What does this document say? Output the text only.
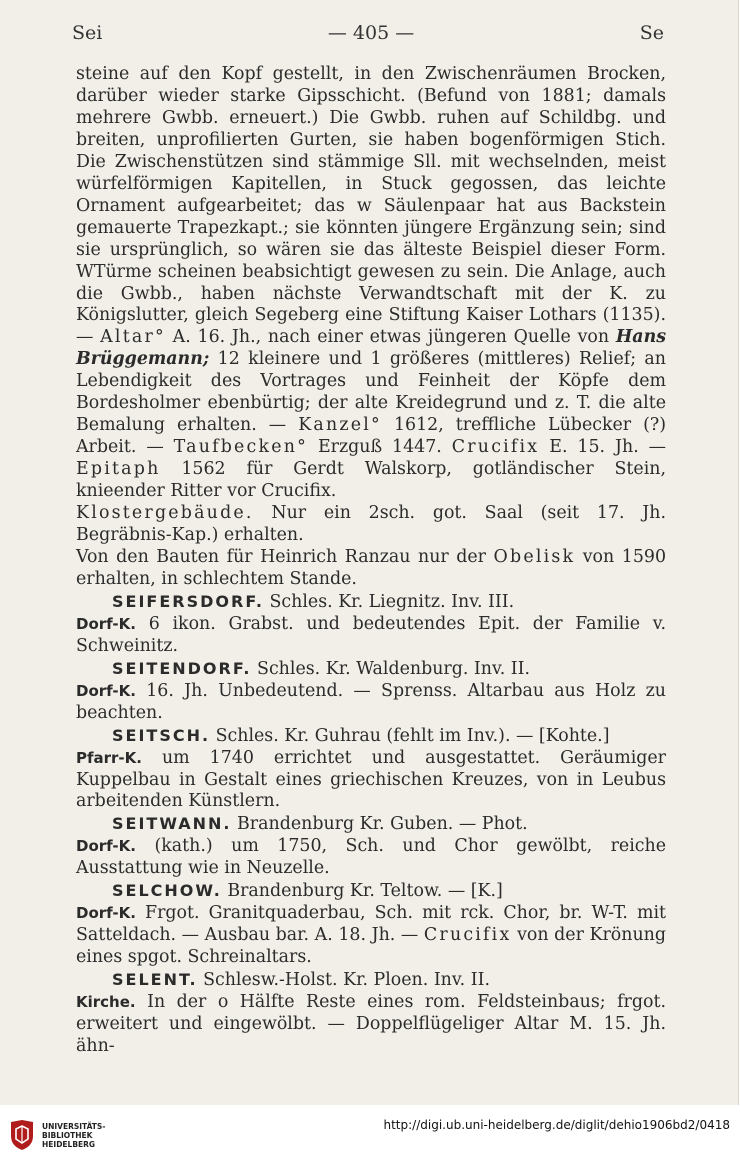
Sei	— 405 —	Se

steine auf den Kopf gestellt, in den Zwischenräumen Brocken, darüber wieder starke Gipsschicht. (Befund von 1881; damals mehrere Gwbb. erneuert.) Die Gwbb. ruhen auf Schildbg. und breiten, unprofilierten Gurten, sie haben bogenförmigen Stich. Die Zwischenstützen sind stämmige Sll. mit wechselnden, meist würfelförmigen Kapitellen, in Stuck gegossen, das leichte Ornament aufgearbeitet; das w Säulenpaar hat aus Backstein gemauerte Trapezkapt.; sie könnten jüngere Ergänzung sein; sind sie ursprünglich, so wären sie das älteste Beispiel dieser Form. WTürme scheinen beabsichtigt gewesen zu sein. Die Anlage, auch die Gwbb., haben nächste Verwandtschaft mit der K. zu Königslutter, gleich Segeberg eine Stiftung Kaiser Lothars (1135). — Altar° A. 16. Jh., nach einer etwas jüngeren Quelle von Hans Brüggemann; 12 kleinere und 1 größeres (mittleres) Relief; an Lebendigkeit des Vortrages und Feinheit der Köpfe dem Bordesholmer ebenbürtig; der alte Kreidegrund und z. T. die alte Bemalung erhalten. — Kanzel° 1612, treffliche Lübecker (?) Arbeit. — Taufbecken° Erzguß 1447. Crucifix E. 15. Jh. — Epitaph 1562 für Gerdt Walskorp, gotländischer Stein, knieender Ritter vor Crucifix.

Klostergebäude. Nur ein 2sch. got. Saal (seit 17. Jh. Begräbnis-Kap.) erhalten.

Von den Bauten für Heinrich Ranzau nur der Obelisk von 1590 erhalten, in schlechtem Stande.

SEIFERSDORF. Schles. Kr. Liegnitz. Inv. III.
Dorf-K. 6 ikon. Grabst. und bedeutendes Epit. der Familie v. Schweinitz.

SEITENDORF. Schles. Kr. Waldenburg. Inv. II.
Dorf-K. 16. Jh. Unbedeutend. — Sprenss. Altarbau aus Holz zu beachten.

SEITSCH. Schles. Kr. Guhrau (fehlt im Inv.). — [Kohte.]
Pfarr-K. um 1740 errichtet und ausgestattet. Geräumiger Kuppelbau in Gestalt eines griechischen Kreuzes, von in Leubus arbeitenden Künstlern.

SEITWANN. Brandenburg Kr. Guben. — Phot.
Dorf-K. (kath.) um 1750, Sch. und Chor gewölbt, reiche Ausstattung wie in Neuzelle.

SELCHOW. Brandenburg Kr. Teltow. — [K.]
Dorf-K. Frgot. Granitquaderbau, Sch. mit rck. Chor, br. W-T. mit Satteldach. — Ausbau bar. A. 18. Jh. — Crucifix von der Krönung eines spgot. Schreinaltars.

SELENT. Schlesw.-Holst. Kr. Ploen. Inv. II.
Kirche. In der o Hälfte Reste eines rom. Feldsteinbaus; frgot. erweitert und eingewölbt. — Doppelflügeliger Altar M. 15. Jh. ähn-

UNIVERSITÄTS-
BIBLIOTHEK
HEIDELBERG
http://digi.ub.uni-heidelberg.de/diglit/dehio1906bd2/0418
